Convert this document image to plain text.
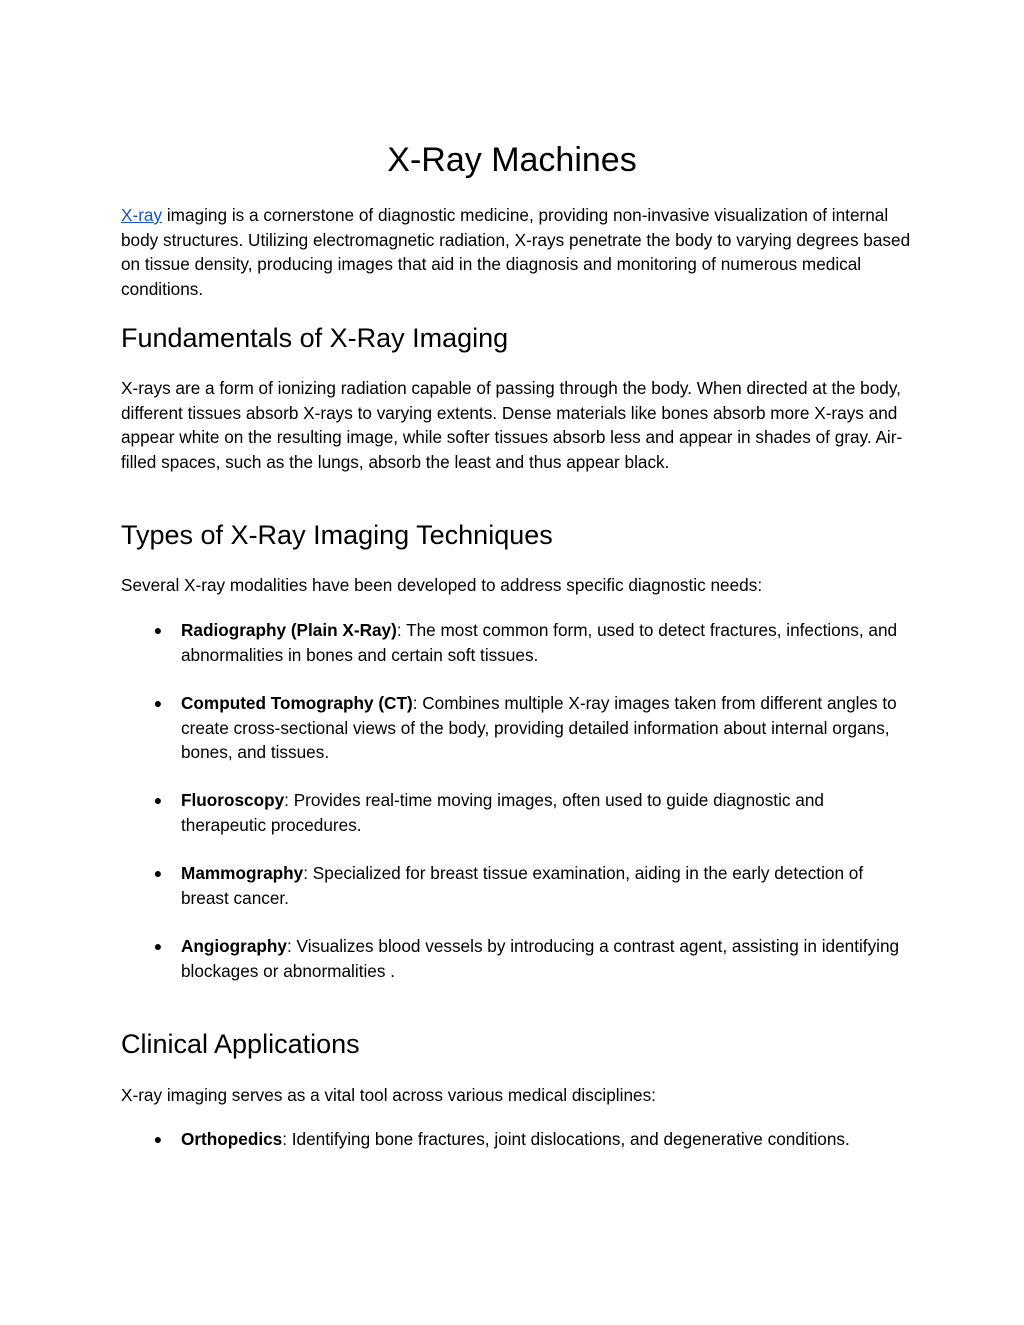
X-Ray Machines

X-ray imaging is a cornerstone of diagnostic medicine, providing non-invasive visualization of internal body structures. Utilizing electromagnetic radiation, X-rays penetrate the body to varying degrees based on tissue density, producing images that aid in the diagnosis and monitoring of numerous medical conditions.

Fundamentals of X-Ray Imaging

X-rays are a form of ionizing radiation capable of passing through the body. When directed at the body, different tissues absorb X-rays to varying extents. Dense materials like bones absorb more X-rays and appear white on the resulting image, while softer tissues absorb less and appear in shades of gray. Air-filled spaces, such as the lungs, absorb the least and thus appear black.

Types of X-Ray Imaging Techniques

Several X-ray modalities have been developed to address specific diagnostic needs:

● Radiography (Plain X-Ray): The most common form, used to detect fractures, infections, and abnormalities in bones and certain soft tissues.
● Computed Tomography (CT): Combines multiple X-ray images taken from different angles to create cross-sectional views of the body, providing detailed information about internal organs, bones, and tissues.
● Fluoroscopy: Provides real-time moving images, often used to guide diagnostic and therapeutic procedures.
● Mammography: Specialized for breast tissue examination, aiding in the early detection of breast cancer.
● Angiography: Visualizes blood vessels by introducing a contrast agent, assisting in identifying blockages or abnormalities .
Clinical Applications

X-ray imaging serves as a vital tool across various medical disciplines:

● Orthopedics: Identifying bone fractures, joint dislocations, and degenerative conditions.
